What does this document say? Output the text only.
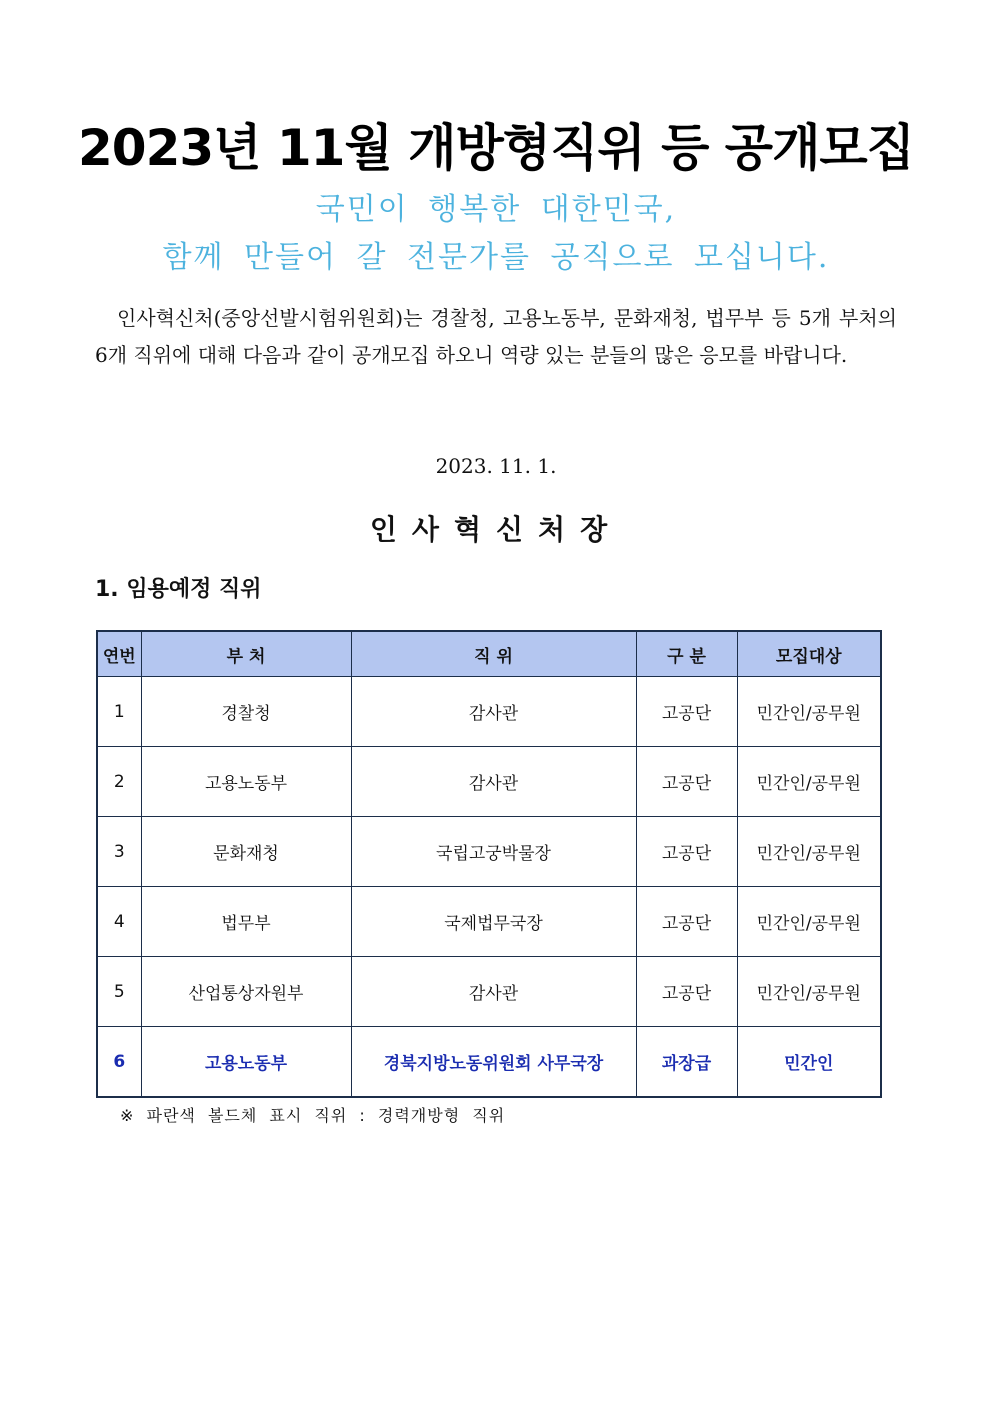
2023년 11월 개방형직위 등 공개모집
국민이 행복한 대한민국,
함께 만들어 갈 전문가를 공직으로 모십니다.
인사혁신처(중앙선발시험위원회)는 경찰청, 고용노동부, 문화재청, 법무부 등 5개 부처의 6개 직위에 대해 다음과 같이 공개모집 하오니 역량 있는 분들의 많은 응모를 바랍니다.
2023. 11. 1.
인사혁신처장
1. 임용예정 직위
연번	부 처	직 위	구 분	모집대상
1	경찰청	감사관	고공단	민간인/공무원
2	고용노동부	감사관	고공단	민간인/공무원
3	문화재청	국립고궁박물장	고공단	민간인/공무원
4	법무부	국제법무국장	고공단	민간인/공무원
5	산업통상자원부	감사관	고공단	민간인/공무원
6	고용노동부	경북지방노동위원회 사무국장	과장급	민간인
※ 파란색 볼드체 표시 직위 : 경력개방형 직위
